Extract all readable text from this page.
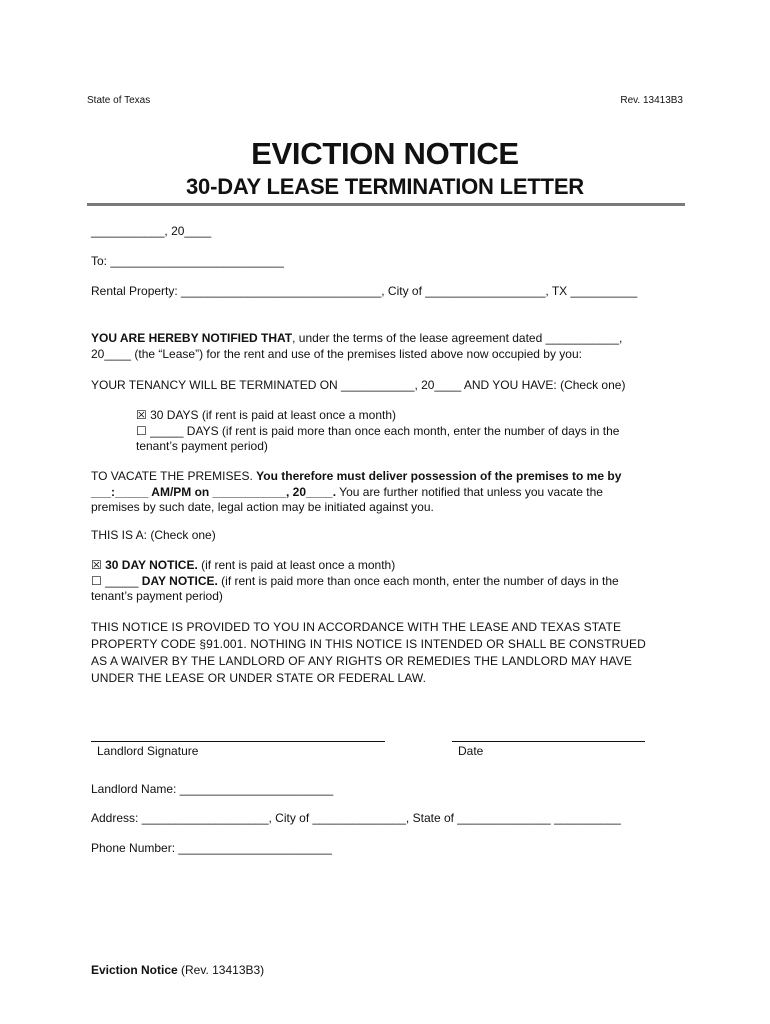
State of Texas	Rev. 13413B3
EVICTION NOTICE
30-DAY LEASE TERMINATION LETTER
___________, 20____
To: __________________________
Rental Property: ______________________________, City of __________________, TX __________
YOU ARE HEREBY NOTIFIED THAT, under the terms of the lease agreement dated ___________,
20____ (the “Lease”) for the rent and use of the premises listed above now occupied by you:
YOUR TENANCY WILL BE TERMINATED ON ___________, 20____ AND YOU HAVE: (Check one)
☒ 30 DAYS (if rent is paid at least once a month)
☐ _____ DAYS (if rent is paid more than once each month, enter the number of days in the
tenant’s payment period)
TO VACATE THE PREMISES. You therefore must deliver possession of the premises to me by
___:_____ AM/PM on ___________, 20____. You are further notified that unless you vacate the
premises by such date, legal action may be initiated against you.
THIS IS A: (Check one)
☒ 30 DAY NOTICE. (if rent is paid at least once a month)
☐ _____ DAY NOTICE. (if rent is paid more than once each month, enter the number of days in the
tenant’s payment period)
THIS NOTICE IS PROVIDED TO YOU IN ACCORDANCE WITH THE LEASE AND TEXAS STATE
PROPERTY CODE §91.001. NOTHING IN THIS NOTICE IS INTENDED OR SHALL BE CONSTRUED
AS A WAIVER BY THE LANDLORD OF ANY RIGHTS OR REMEDIES THE LANDLORD MAY HAVE
UNDER THE LEASE OR UNDER STATE OR FEDERAL LAW.
Landlord Signature	Date
Landlord Name: _______________________
Address: ___________________, City of ______________, State of ______________ __________
Phone Number: _______________________
Eviction Notice (Rev. 13413B3)
